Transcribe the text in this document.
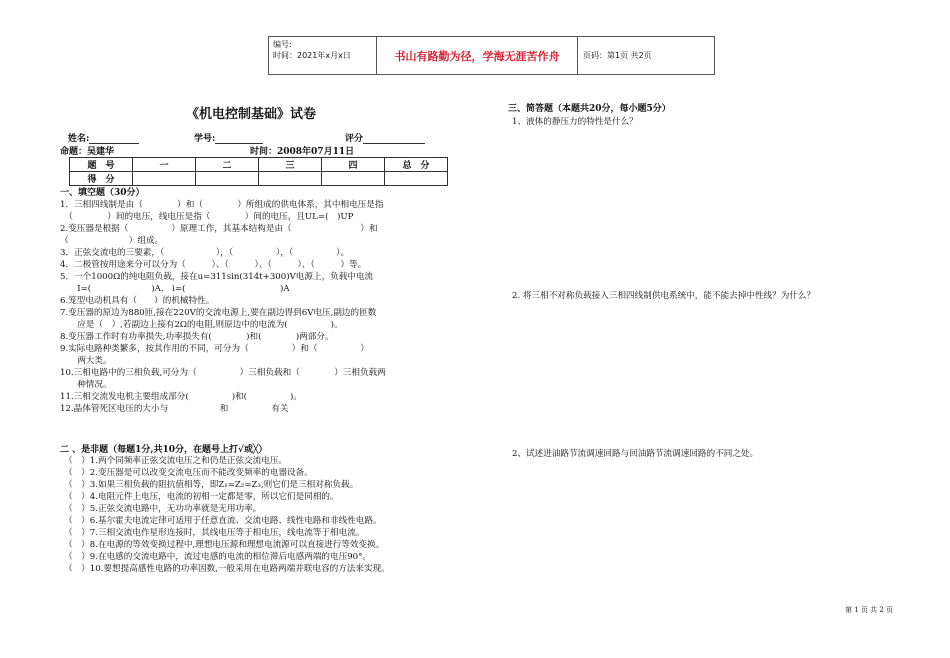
编号:
时间：2021年x月x日	书山有路勤为径，学海无涯苦作舟	页码：第1页 共2页
《机电控制基础》试卷
姓名:	学号:	评分
命题：吴建华	时间：2008年07月11日
题　号	一	二	三	四	总　分
得　分					
一、填空题（30分）
1．三相四线制是由（　　　　）和（　　　　）所组成的供电体系，其中相电压是指
　（　　　　）间的电压，线电压是指（　　　　）间的电压，且UL=(　)UP
2.变压器是根据（　　　　　）原理工作，其基本结构是由（　　　　　　　　）和
（　　　　　　　）组成。
3．正弦交流电的三要素，（　　　　　　），（　　　　　），（　　　　　）。
4．二极管按用途来分可以分为（　　　）、（　　　）、（　　　）、（　　　）等。
5．一个1000Ω的纯电阻负载，接在u=311sin(314t+300)V电源上，负载中电流
　　I=(　　　　　　　)A.　i=(　　　　　　　　　　　)A
6.笼型电动机具有（　　）的机械特性。
7.变压器的原边为880匝,接在220V的交流电源上,要在副边得到6V电压,副边的匝数
　　应是（　）,若副边上接有2Ω的电阻,则原边中的电流为(　　　　　)。
8.变压器工作时有功率损失,功率损失有(　　　　)和(　　　　)两部分。
9.实际电路种类繁多，按其作用的不同，可分为（　　　　　）和（　　　　　）
　　两大类。
10.三相电路中的三相负载,可分为（　　　　　）三相负载和（　　　　）三相负载两
　　种情况。
11.三相交流发电机主要组成部分(　　　　　)和(　　　　　)。
12.晶体管死区电压的大小与　　　　　　和　　　　　有关
二 、是非题（每题1分,共10分，在题号上打√或╳）
（　）1.两个同频率正弦交流电压之和仍是正弦交流电压。
（　）2.变压器是可以改变交流电压而不能改变频率的电器设备。
（　）3.如果三相负载的阻抗值相等，即Z₁=Z₂=Z₃,则它们是三相对称负载。
（　）4.电阻元件上电压，电流的初相一定都是零，所以它们是同相的。
（　）5.正弦交流电路中，无功功率就是无用功率。
（　）6.基尔霍夫电流定律可适用于任意直流、交流电路、线性电路和非线性电路。
（　）7.三相交流电作星形连接时，其线电压等于相电压，线电流等于相电流。
（　）8.在电源的等效变换过程中,理想电压源和理想电流源可以直接进行等效变换。
（　）9.在电感的交流电路中，流过电感的电流的相位滞后电感两端的电压90°。
（　）10.要想提高感性电路的功率因数,一般采用在电路两端并联电容的方法来实现。
三、简答题（本题共20分，每小题5分）
1、液体的静压力的特性是什么？
2. 将三相不对称负载接入三相四线制供电系统中，能不能去掉中性线？为什么？
2、试述进油路节流调速回路与回油路节流调速回路的不同之处。
第 1 页 共 2 页
